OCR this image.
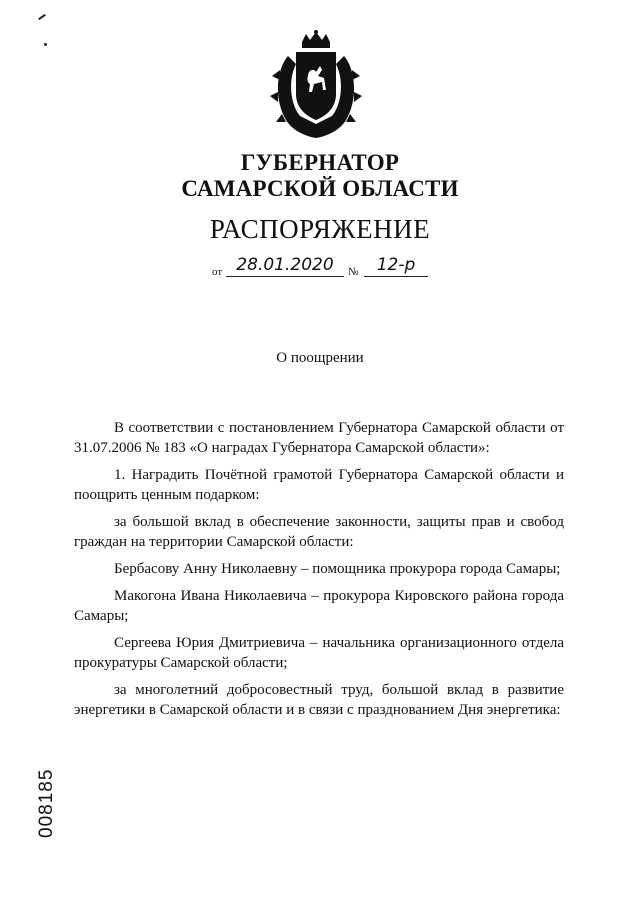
ГУБЕРНАТОР
САМАРСКОЙ ОБЛАСТИ
РАСПОРЯЖЕНИЕ
от 28.01.2020	№	12-р
О поощрении

В соответствии с постановлением Губернатора Самарской области от 31.07.2006 № 183 «О наградах Губернатора Самарской области»:

1. Наградить Почётной грамотой Губернатора Самарской области и поощрить ценным подарком:

за большой вклад в обеспечение законности, защиты прав и свобод граждан на территории Самарской области:

Бербасову Анну Николаевну – помощника прокурора города Самары;

Макогона Ивана Николаевича – прокурора Кировского района города Самары;

Сергеева Юрия Дмитриевича – начальника организационного отдела прокуратуры Самарской области;

за многолетний добросовестный труд, большой вклад в развитие энергетики в Самарской области и в связи с празднованием Дня энергетика:

008185
